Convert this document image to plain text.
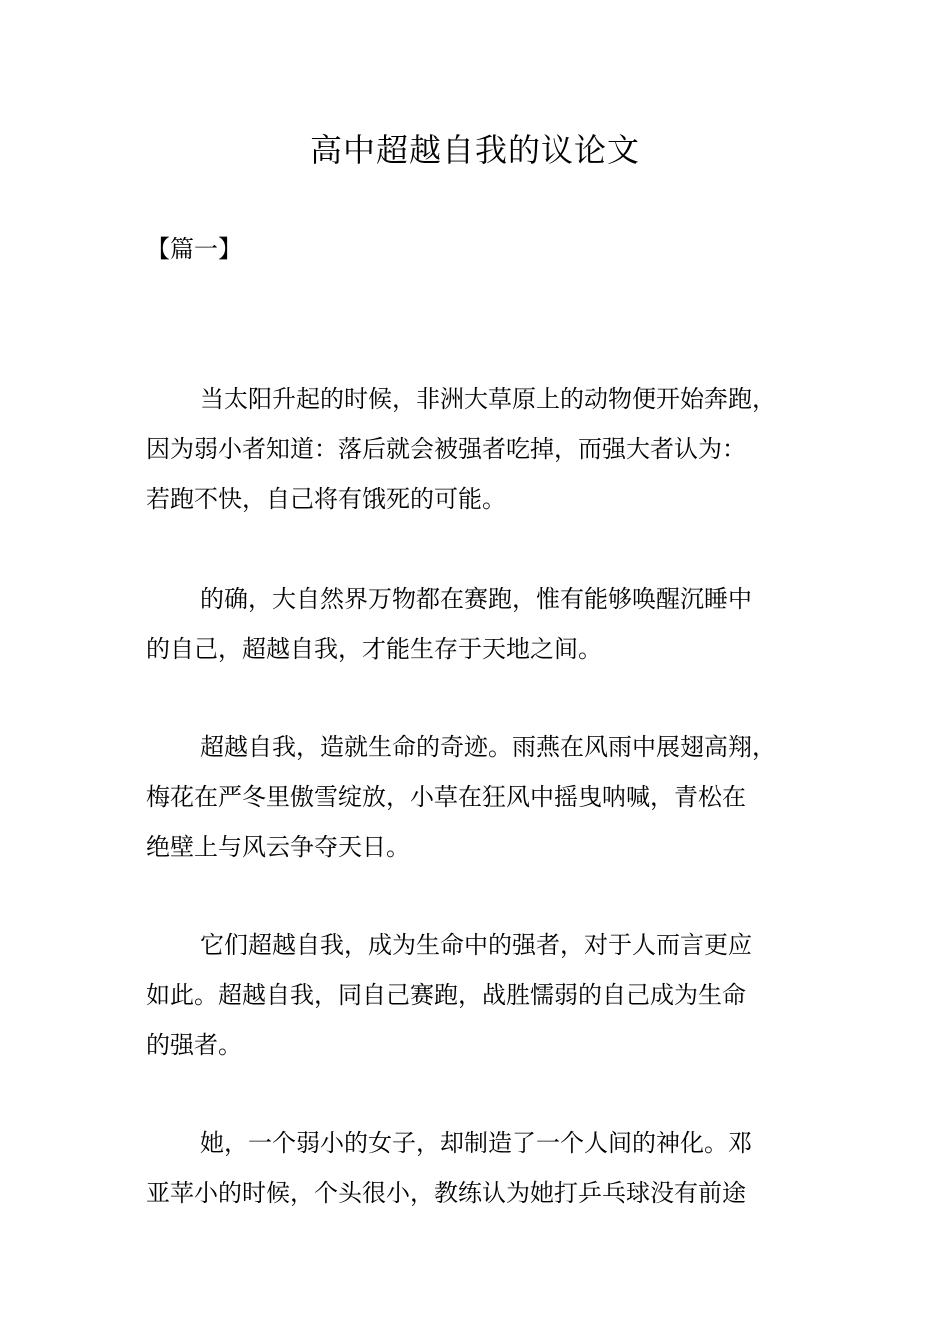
高中超越自我的议论文
【篇一】
当太阳升起的时候，非洲大草原上的动物便开始奔跑，
因为弱小者知道：落后就会被强者吃掉，而强大者认为：
若跑不快，自己将有饿死的可能。
的确，大自然界万物都在赛跑，惟有能够唤醒沉睡中
的自己，超越自我，才能生存于天地之间。
超越自我，造就生命的奇迹。雨燕在风雨中展翅高翔，
梅花在严冬里傲雪绽放，小草在狂风中摇曳呐喊，青松在
绝壁上与风云争夺天日。
它们超越自我，成为生命中的强者，对于人而言更应
如此。超越自我，同自己赛跑，战胜懦弱的自己成为生命
的强者。
她，一个弱小的女子，却制造了一个人间的神化。邓
亚苹小的时候，个头很小，教练认为她打乒乓球没有前途
